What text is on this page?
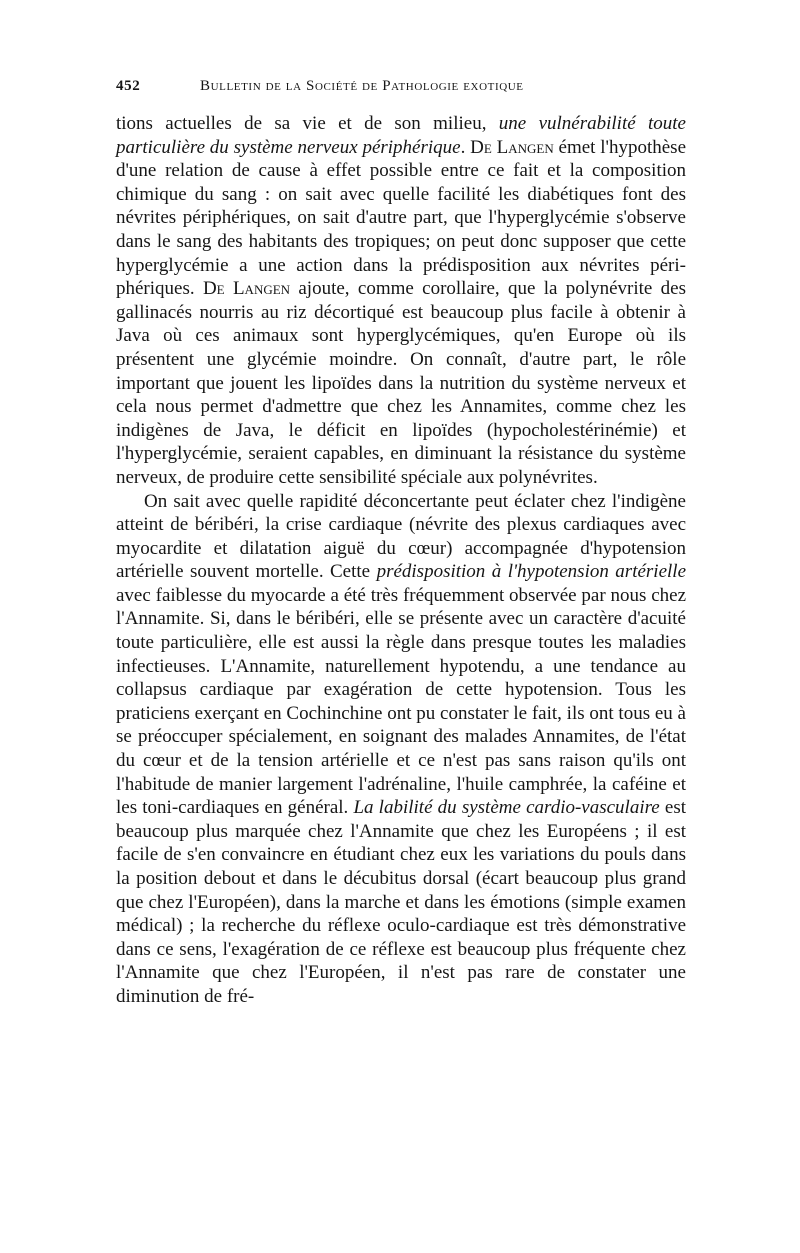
452	Bulletin de la Société de Pathologie exotique

tions actuelles de sa vie et de son milieu, une vulnérabilité toute particulière du système nerveux périphérique. De Langen émet l'hypothèse d'une relation de cause à effet possible entre ce fait et la composition chimique du sang : on sait avec quelle facilité les diabétiques font des névrites périphériques, on sait d'autre part, que l'hyperglycémie s'observe dans le sang des habitants des tropiques; on peut donc supposer que cette hyperglycémie a une action dans la prédisposition aux névrites périphériques. De Langen ajoute, comme corollaire, que la polynévrite des gallinacés nourris au riz décortiqué est beaucoup plus facile à obtenir à Java où ces animaux sont hyperglycémiques, qu'en Europe où ils présentent une glycémie moindre. On connaît, d'autre part, le rôle important que jouent les lipoïdes dans la nutrition du système nerveux et cela nous permet d'admettre que chez les Annamites, comme chez les indigènes de Java, le déficit en lipoïdes (hypocholestérinémie) et l'hyperglycémie, seraient capables, en diminuant la résistance du système nerveux, de produire cette sensibilité spéciale aux polynévrites.

On sait avec quelle rapidité déconcertante peut éclater chez l'indigène atteint de béribéri, la crise cardiaque (névrite des plexus cardiaques avec myocardite et dilatation aiguë du cœur) accompagnée d'hypotension artérielle souvent mortelle. Cette prédisposition à l'hypotension artérielle avec faiblesse du myocarde a été très fréquemment observée par nous chez l'Annamite. Si, dans le béribéri, elle se présente avec un caractère d'acuité toute particulière, elle est aussi la règle dans presque toutes les maladies infectieuses. L'Annamite, naturellement hypotendu, a une tendance au collapsus cardiaque par exagération de cette hypotension. Tous les praticiens exerçant en Cochinchine ont pu constater le fait, ils ont tous eu à se préoccuper spécialement, en soignant des malades Annamites, de l'état du cœur et de la tension artérielle et ce n'est pas sans raison qu'ils ont l'habitude de manier largement l'adrénaline, l'huile camphrée, la caféine et les toni-cardiaques en général. La labilité du système cardio-vasculaire est beaucoup plus marquée chez l'Annamite que chez les Européens ; il est facile de s'en convaincre en étudiant chez eux les variations du pouls dans la position debout et dans le décubitus dorsal (écart beaucoup plus grand que chez l'Européen), dans la marche et dans les émotions (simple examen médical) ; la recherche du réflexe oculo-cardiaque est très démonstrative dans ce sens, l'exagération de ce réflexe est beaucoup plus fréquente chez l'Annamite que chez l'Européen, il n'est pas rare de constater une diminution de fré-
